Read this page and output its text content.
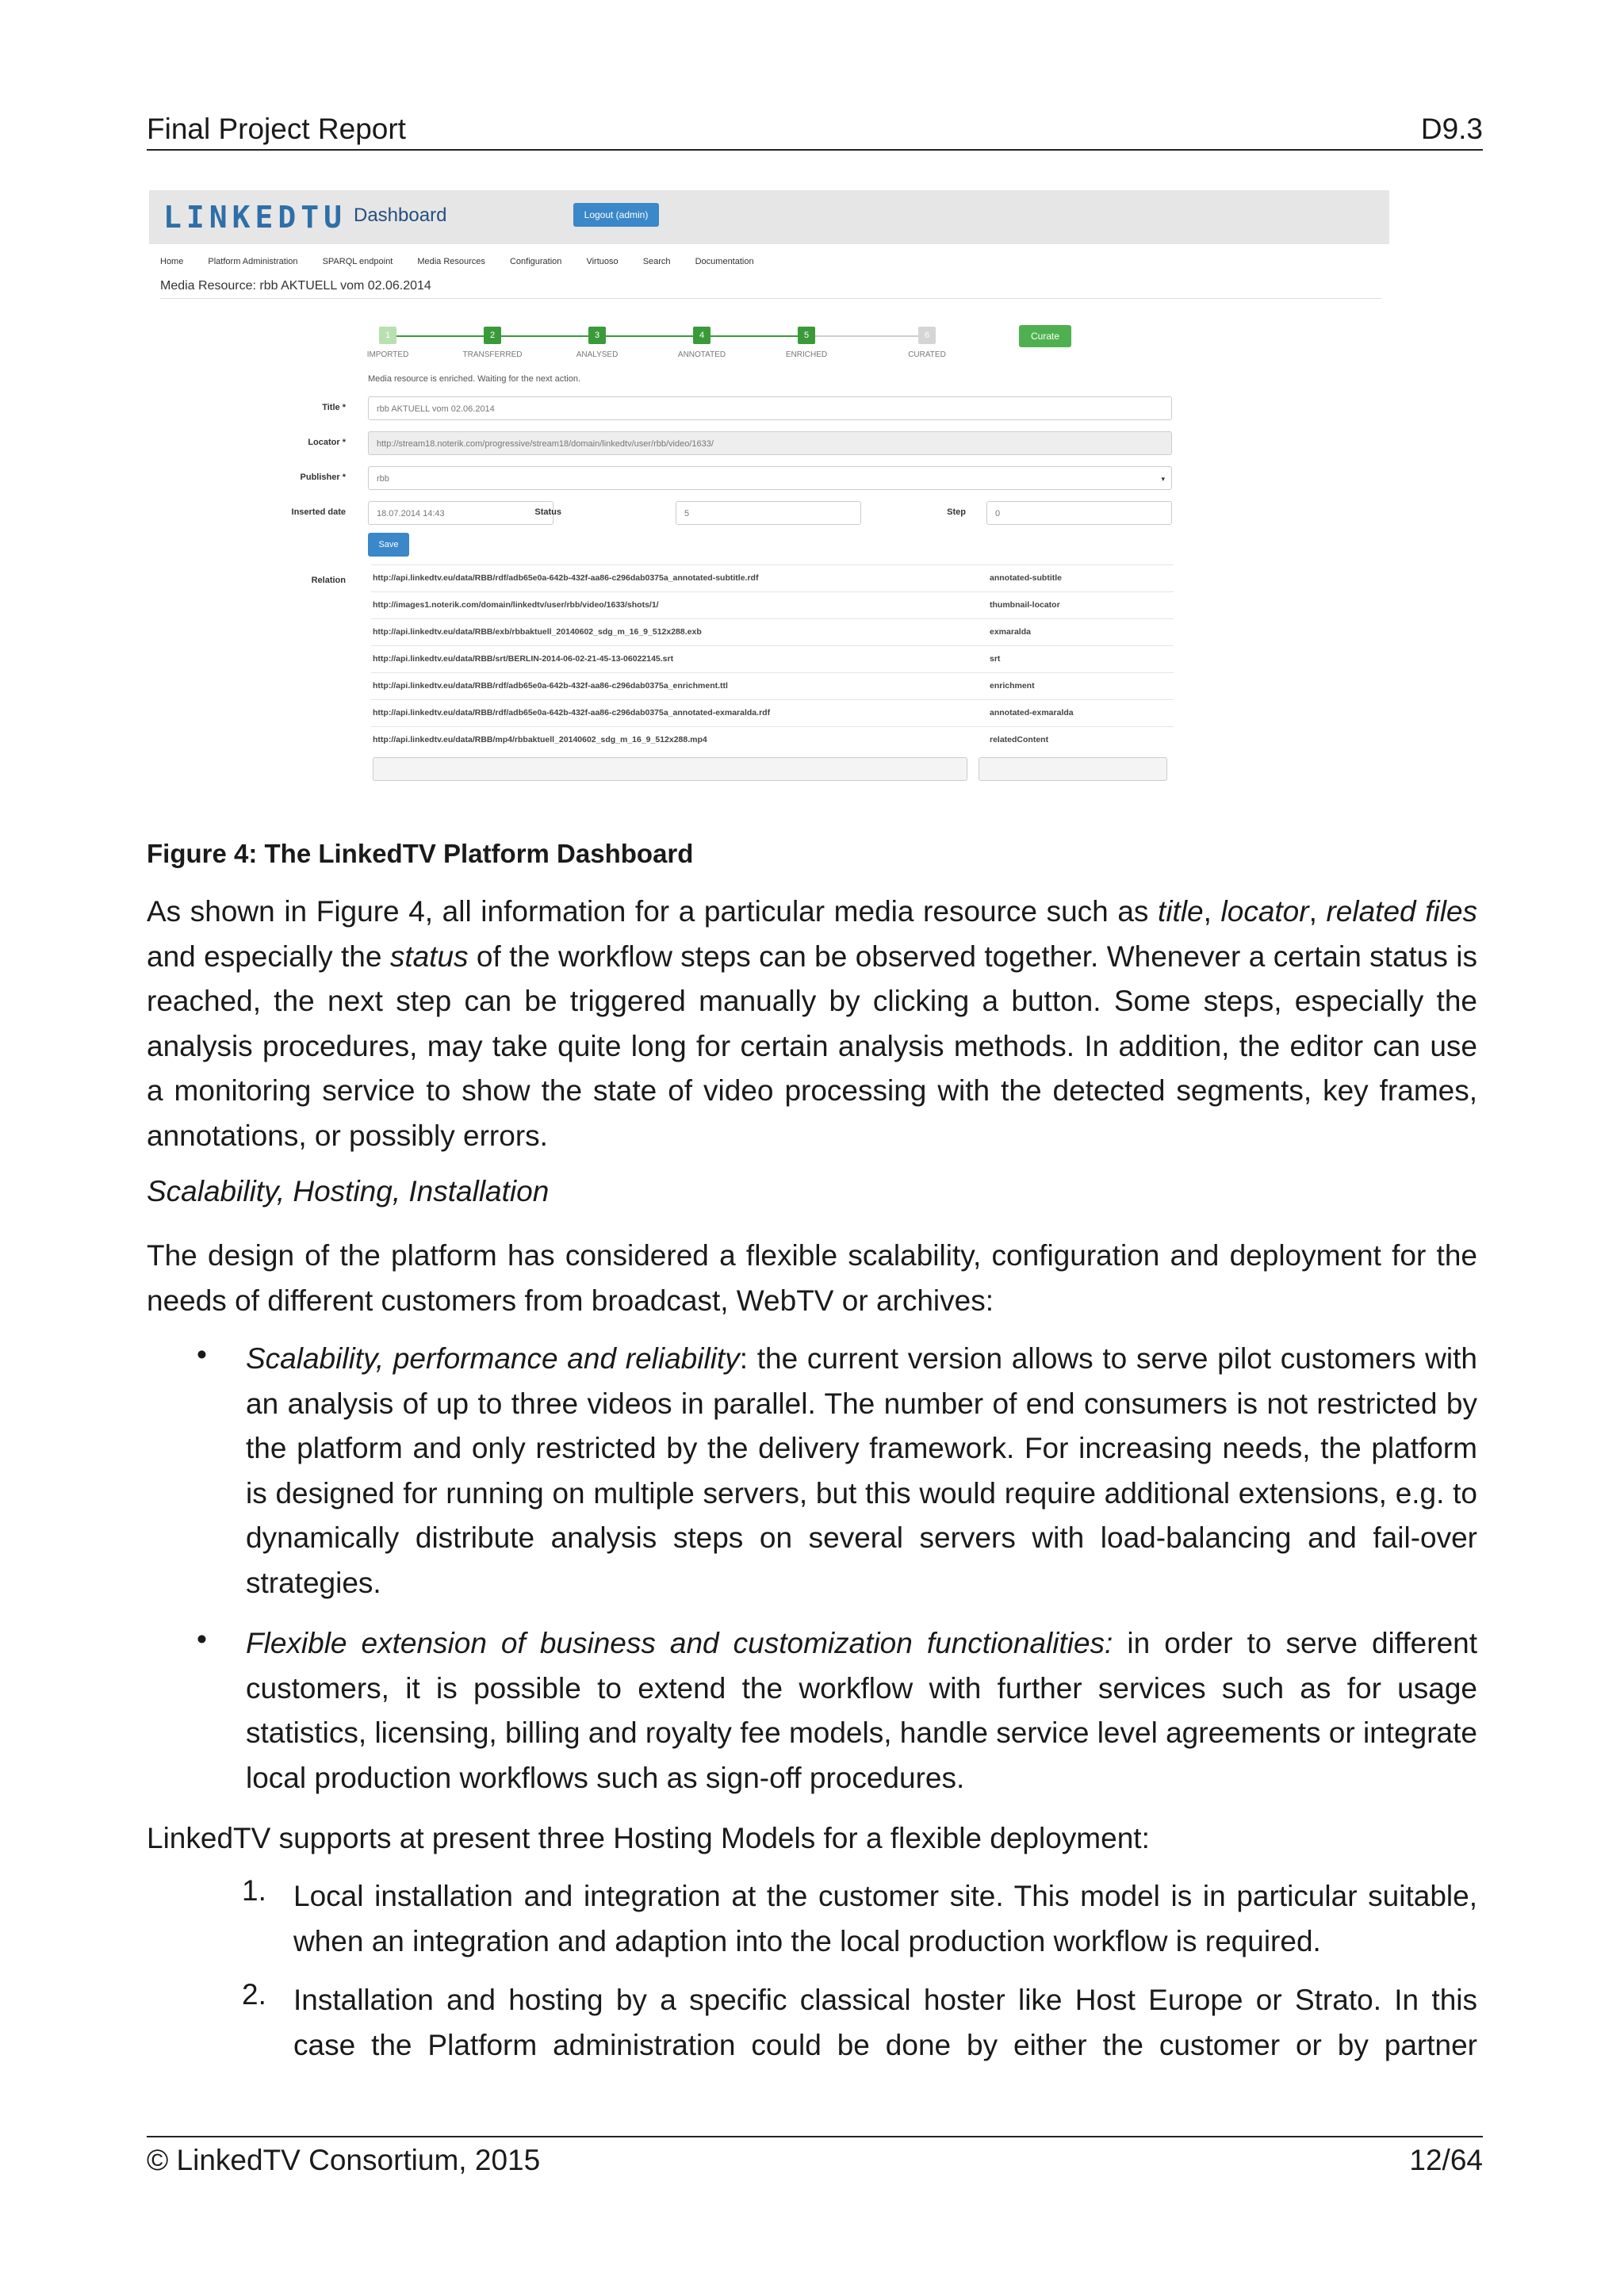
Final Project Report	D9.3
LINKEDTU Dashboard	Logout (admin)
Home	Platform Administration	SPARQL endpoint	Media Resources	Configuration	Virtuoso	Search	Documentation
Media Resource: rbb AKTUELL vom 02.06.2014
1	2	3	4	5	6
IMPORTED	TRANSFERRED	ANALYSED	ANNOTATED	ENRICHED	CURATED
Curate
Media resource is enriched. Waiting for the next action.
Title *	rbb AKTUELL vom 02.06.2014
Locator *	http://stream18.noterik.com/progressive/stream18/domain/linkedtv/user/rbb/video/1633/
Publisher *	rbb	▾
Inserted date	18.07.2014 14:43	Status	5	Step	0
Save
Relation	http://api.linkedtv.eu/data/RBB/rdf/adb65e0a-642b-432f-aa86-c296dab0375a_annotated-subtitle.rdf	annotated-subtitle
http://images1.noterik.com/domain/linkedtv/user/rbb/video/1633/shots/1/	thumbnail-locator
http://api.linkedtv.eu/data/RBB/exb/rbbaktuell_20140602_sdg_m_16_9_512x288.exb	exmaralda
http://api.linkedtv.eu/data/RBB/srt/BERLIN-2014-06-02-21-45-13-06022145.srt	srt
http://api.linkedtv.eu/data/RBB/rdf/adb65e0a-642b-432f-aa86-c296dab0375a_enrichment.ttl	enrichment
http://api.linkedtv.eu/data/RBB/rdf/adb65e0a-642b-432f-aa86-c296dab0375a_annotated-exmaralda.rdf	annotated-exmaralda
http://api.linkedtv.eu/data/RBB/mp4/rbbaktuell_20140602_sdg_m_16_9_512x288.mp4	relatedContent
Figure 4: The LinkedTV Platform Dashboard

As shown in Figure 4, all information for a particular media resource such as title, locator, related files and especially the status of the workflow steps can be observed together. Whenever a certain status is reached, the next step can be triggered manually by clicking a button. Some steps, especially the analysis procedures, may take quite long for certain analysis methods. In addition, the editor can use a monitoring service to show the state of video processing with the detected segments, key frames, annotations, or possibly errors.

Scalability, Hosting, Installation

The design of the platform has considered a flexible scalability, configuration and deployment for the needs of different customers from broadcast, WebTV or archives:

• Scalability, performance and reliability: the current version allows to serve pilot customers with an analysis of up to three videos in parallel. The number of end consumers is not restricted by the platform and only restricted by the delivery framework. For increasing needs, the platform is designed for running on multiple servers, but this would require additional extensions, e.g. to dynamically distribute analysis steps on several servers with load-balancing and fail-over strategies.

• Flexible extension of business and customization functionalities: in order to serve different customers, it is possible to extend the workflow with further services such as for usage statistics, licensing, billing and royalty fee models, handle service level agreements or integrate local production workflows such as sign-off procedures.

LinkedTV supports at present three Hosting Models for a flexible deployment:

1. Local installation and integration at the customer site. This model is in particular suitable, when an integration and adaption into the local production workflow is required.

2. Installation and hosting by a specific classical hoster like Host Europe or Strato. In this case the Platform administration could be done by either the customer or by partner

© LinkedTV Consortium, 2015	12/64
